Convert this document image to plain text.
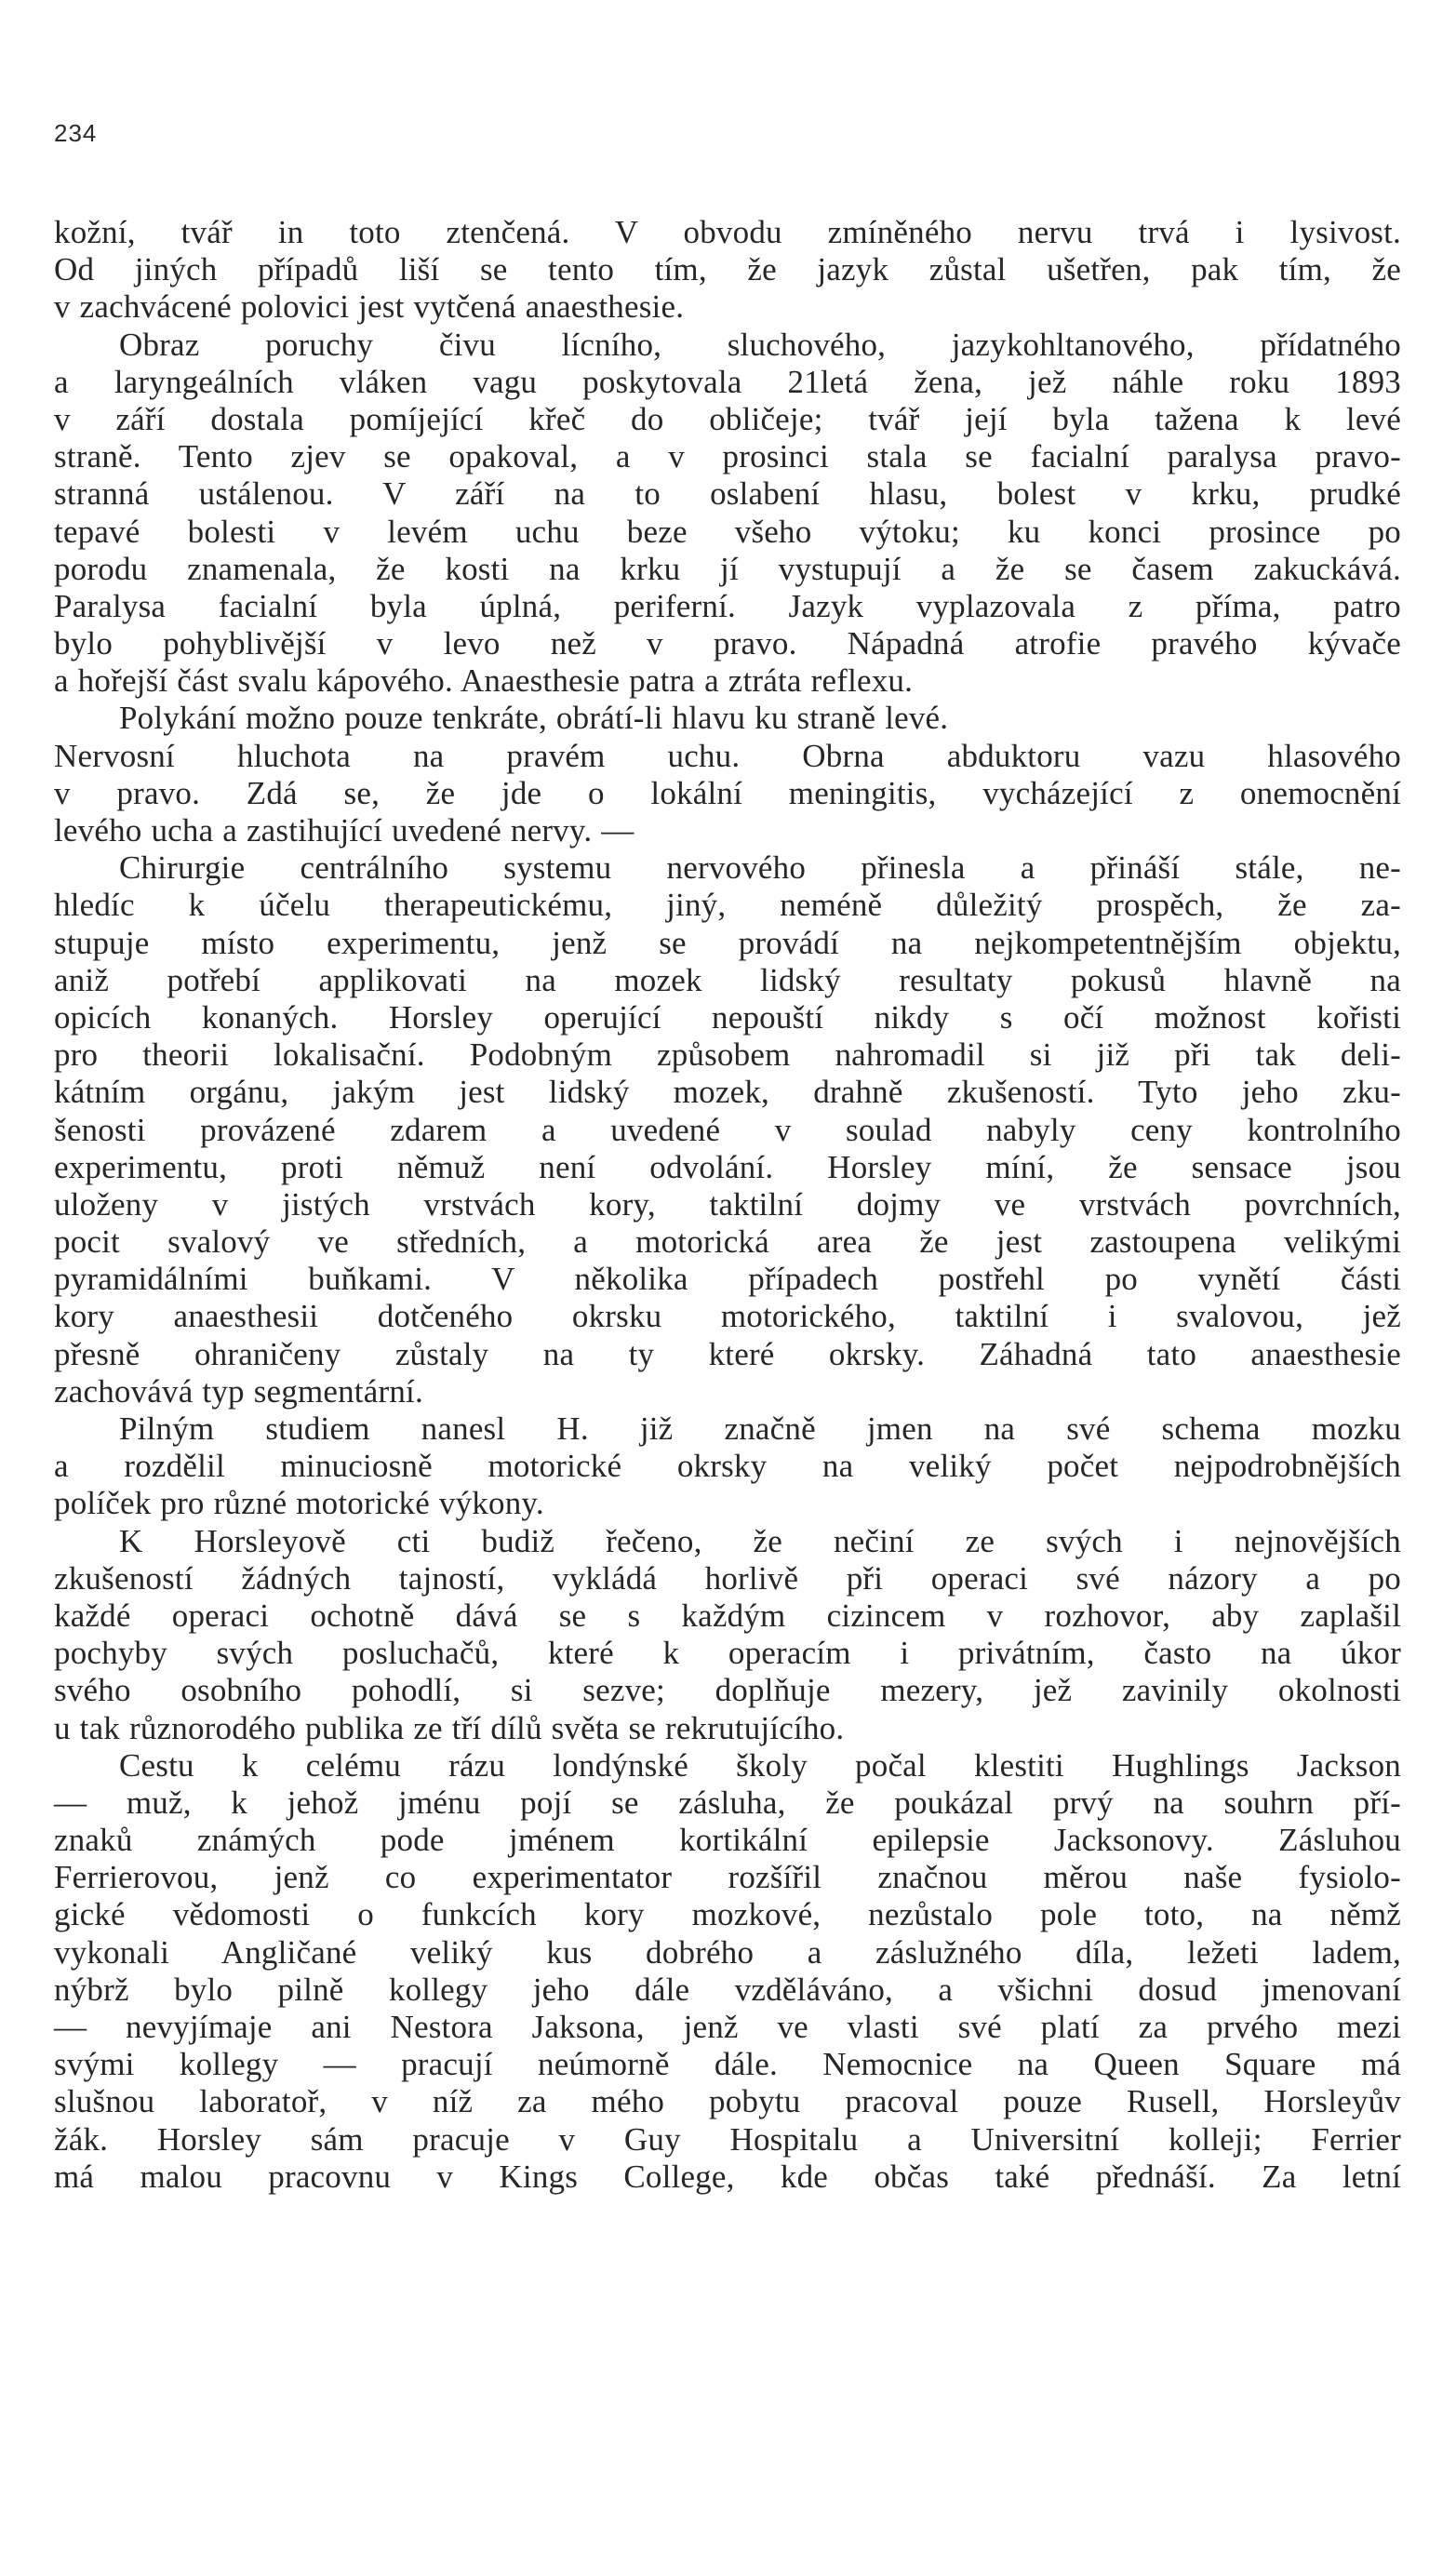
234
kožní, tvář in toto ztenčená. V obvodu zmíněného nervu trvá i lysivost.
Od jiných případů liší se tento tím, že jazyk zůstal ušetřen, pak tím, že
v zachvácené polovici jest vytčená anaesthesie.
Obraz poruchy čivu lícního, sluchového, jazykohltanového, přídatného
a laryngeálních vláken vagu poskytovala 21letá žena, jež náhle roku 1893
v září dostala pomíjející křeč do obličeje; tvář její byla tažena k levé
straně. Tento zjev se opakoval, a v prosinci stala se facialní paralysa pravo-
stranná ustálenou. V září na to oslabení hlasu, bolest v krku, prudké
tepavé bolesti v levém uchu beze všeho výtoku; ku konci prosince po
porodu znamenala, že kosti na krku jí vystupují a že se časem zakuckává.
Paralysa facialní byla úplná, periferní. Jazyk vyplazovala z přímа, patro
bylo pohyblivější v levo než v pravo. Nápadná atrofie pravého kývače
a hořejší část svalu kápového. Anaesthesie patra a ztráta reflexu.
Polykání možno pouze tenkráte, obrátí-li hlavu ku straně levé.
Nervosní hluchota na pravém uchu. Obrna abduktoru vazu hlasového
v pravo. Zdá se, že jde o lokální meningitis, vycházející z onemocnění
levého ucha a zastihující uvedené nervy. —
Chirurgie centrálního systemu nervového přinesla a přináší stále, ne-
hledíc k účelu therapeutickému, jiný, neméně důležitý prospěch, že za-
stupuje místo experimentu, jenž se provádí na nejkompetentnějším objektu,
aniž potřebí applikovati na mozek lidský resultaty pokusů hlavně na
opicích konaných. Horsley operující nepouští nikdy s očí možnost kořisti
pro theorii lokalisační. Podobným způsobem nahromadil si již při tak deli-
kátním orgánu, jakým jest lidský mozek, drahně zkušeností. Tyto jeho zku-
šenosti provázené zdarem a uvedené v soulad nabyly ceny kontrolního
experimentu, proti němuž není odvolání. Horsley míní, že sensace jsou
uloženy v jistých vrstvách kory, taktilní dojmy ve vrstvách povrchních,
pocit svalový ve středních, a motorická area že jest zastoupena velikými
pyramidálními buňkami. V několika případech postřehl po vynětí části
kory anaesthesii dotčeného okrsku motorického, taktilní i svalovou, jež
přesně ohraničeny zůstaly na ty které okrsky. Záhadná tato anaesthesie
zachovává typ segmentární.
Pilným studiem nanesl H. již značně jmen na své schema mozku
a rozdělil minuciosně motorické okrsky na veliký počet nejpodrobnějších
políček pro různé motorické výkony.
K Horsleyově cti budiž řečeno, že nečiní ze svých i nejnovějších
zkušeností žádných tajností, vykládá horlivě při operaci své názory a po
každé operaci ochotně dává se s každým cizincem v rozhovor, aby zaplašil
pochyby svých posluchačů, které k operacím i privátním, často na úkor
svého osobního pohodlí, si sezve; doplňuje mezery, jež zavinily okolnosti
u tak různorodého publika ze tří dílů světa se rekrutujícího.
Cestu k celému rázu londýnské školy počal klestiti Hughlings Jackson
— muž, k jehož jménu pojí se zásluha, že poukázal prvý na souhrn pří-
znaků známých pode jménem kortikální epilepsie Jacksonovy. Zásluhou
Ferrierovou, jenž co experimentator rozšířil značnou měrou naše fysiolo-
gické vědomosti o funkcích kory mozkové, nezůstalo pole toto, na němž
vykonali Angličané veliký kus dobrého a záslužného díla, ležeti ladem,
nýbrž bylo pilně kollegy jeho dále vzděláváno, a všichni dosud jmenovaní
— nevyjímaje ani Nestora Jaksona, jenž ve vlasti své platí za prvého mezi
svými kollegy — pracují neúmorně dále. Nemocnice na Queen Square má
slušnou laboratoř, v níž za mého pobytu pracoval pouze Rusell, Horsleyův
žák. Horsley sám pracuje v Guy Hospitalu a Universitní kolleji; Ferrier
má malou pracovnu v Kings College, kde občas také přednáší. Za letní
